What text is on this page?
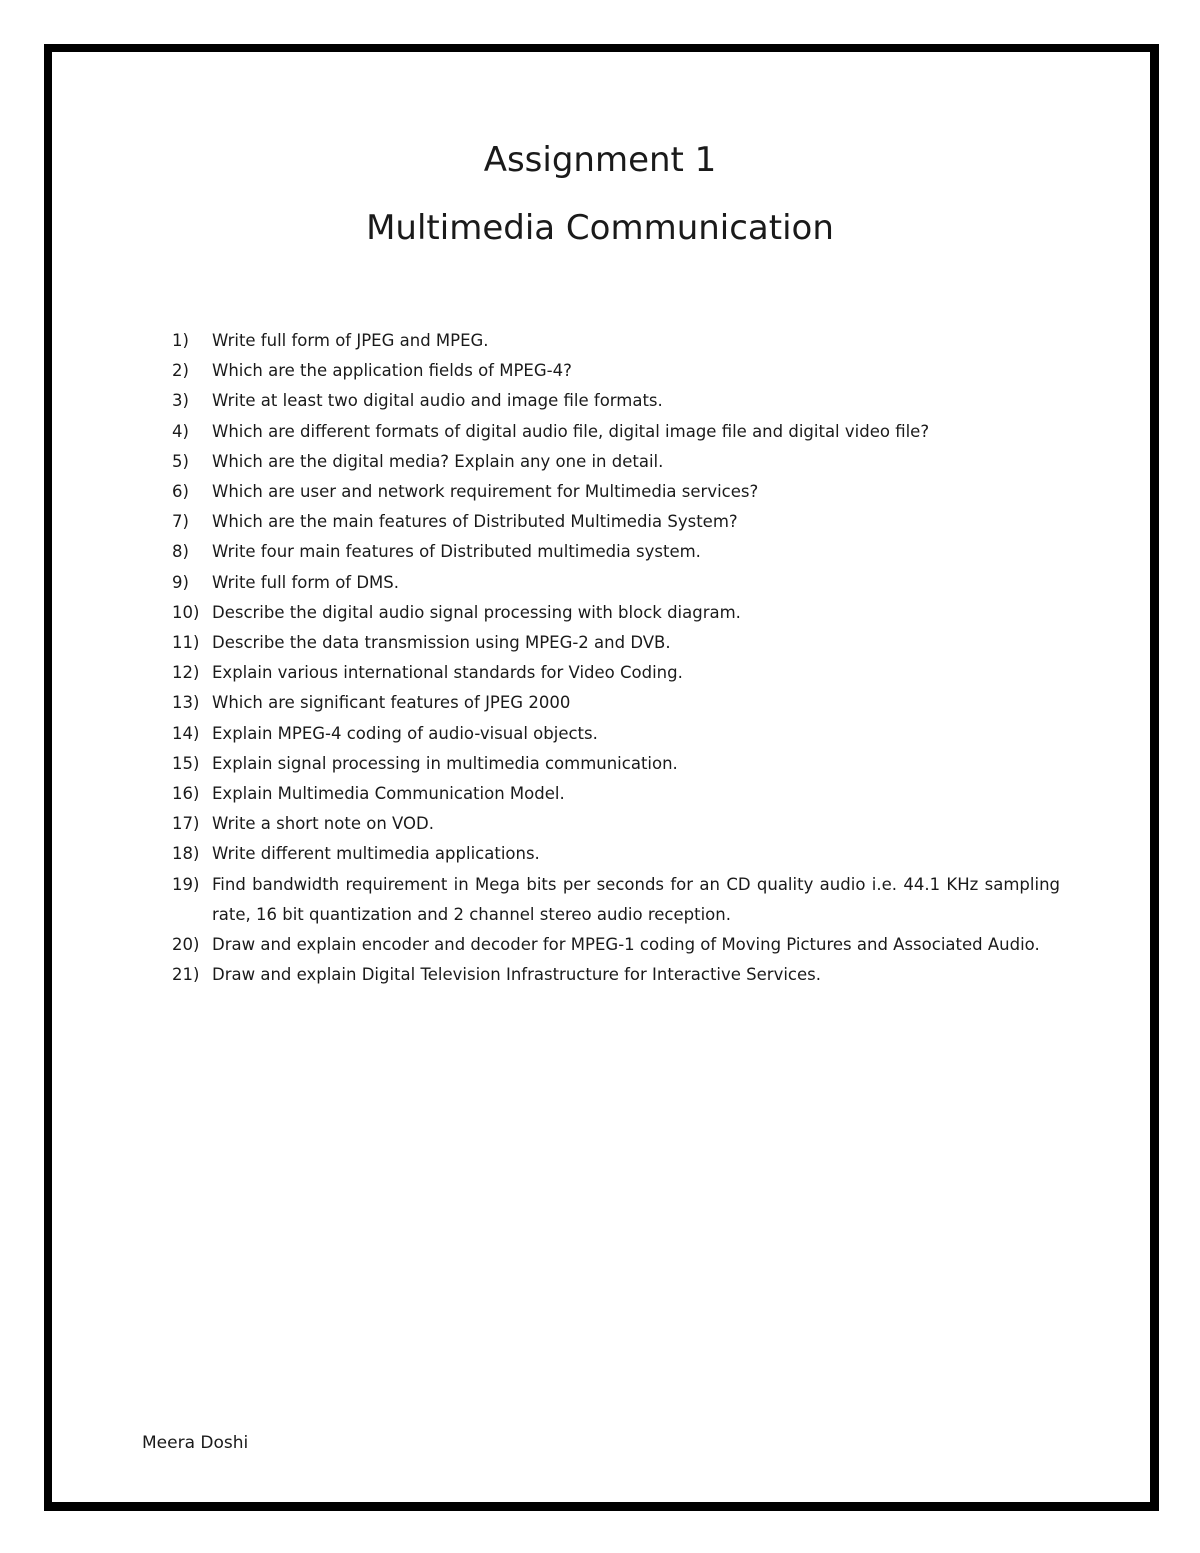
Assignment 1
Multimedia Communication
1) Write full form of JPEG and MPEG.
2) Which are the application fields of MPEG-4?
3) Write at least two digital audio and image file formats.
4) Which are different formats of digital audio file, digital image file and digital video file?
5) Which are the digital media? Explain any one in detail.
6) Which are user and network requirement for Multimedia services?
7) Which are the main features of Distributed Multimedia System?
8) Write four main features of Distributed multimedia system.
9) Write full form of DMS.
10) Describe the digital audio signal processing with block diagram.
11) Describe the data transmission using MPEG-2 and DVB.
12) Explain various international standards for Video Coding.
13) Which are significant features of JPEG 2000
14) Explain MPEG-4 coding of audio-visual objects.
15) Explain signal processing in multimedia communication.
16) Explain Multimedia Communication Model.
17) Write a short note on VOD.
18) Write different multimedia applications.
19) Find bandwidth requirement in Mega bits per seconds for an CD quality audio i.e. 44.1 KHz sampling rate, 16 bit quantization and 2 channel stereo audio reception.
20) Draw and explain encoder and decoder for MPEG-1 coding of Moving Pictures and Associated Audio.
21) Draw and explain Digital Television Infrastructure for Interactive Services.
Meera Doshi
